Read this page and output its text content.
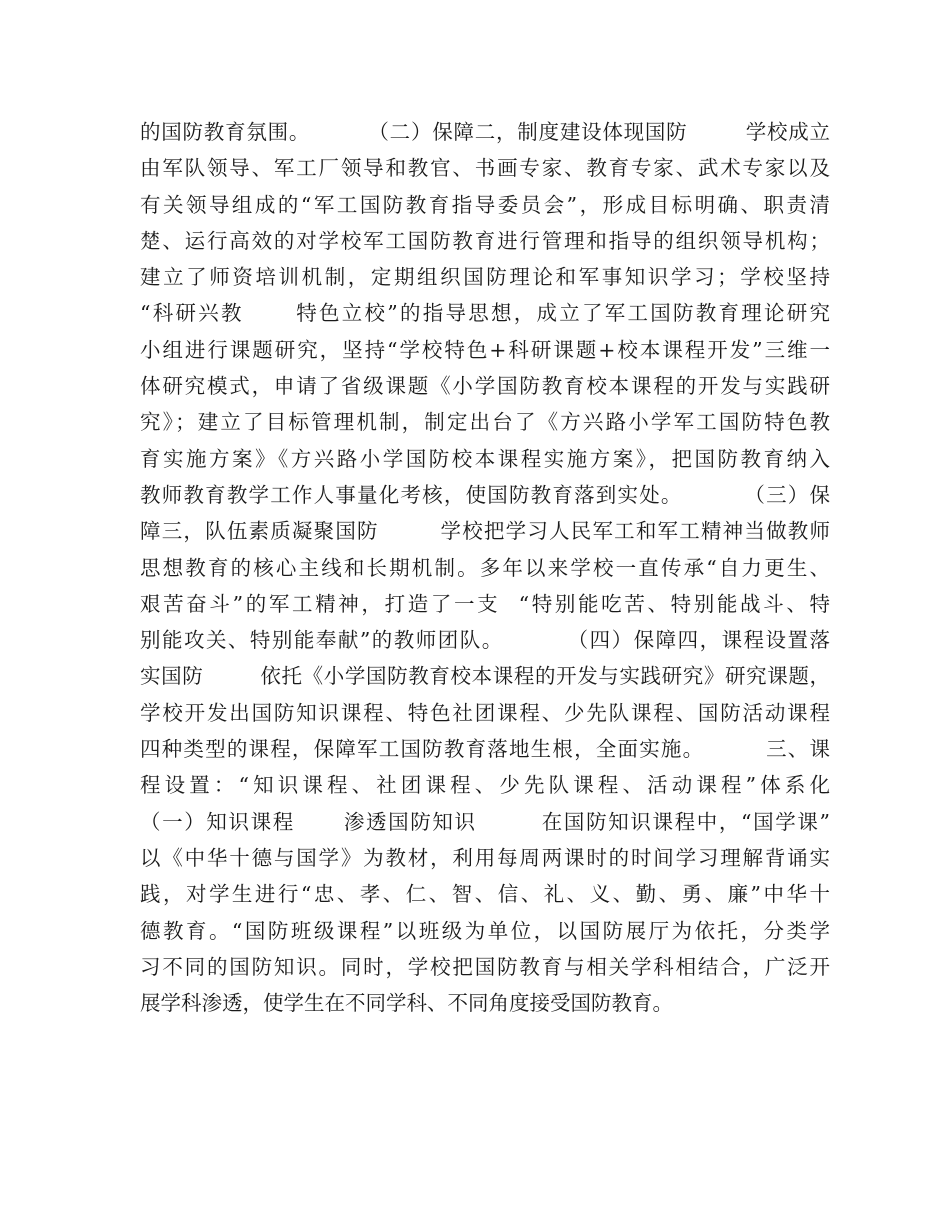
的国防教育氛围。        （二）保障二，制度建设体现国防        学校成立
由军队领导、军工厂领导和教官、书画专家、教育专家、武术专家以及
有关领导组成的“军工国防教育指导委员会”，形成目标明确、职责清
楚、运行高效的对学校军工国防教育进行管理和指导的组织领导机构；
建立了师资培训机制，定期组织国防理论和军事知识学习；学校坚持
“科研兴教      特色立校”的指导思想，成立了军工国防教育理论研究
小组进行课题研究，坚持“学校特色+科研课题+校本课程开发”三维一
体研究模式，申请了省级课题《小学国防教育校本课程的开发与实践研
究》；建立了目标管理机制，制定出台了《方兴路小学军工国防特色教
育实施方案》《方兴路小学国防校本课程实施方案》，把国防教育纳入
教师教育教学工作人事量化考核，使国防教育落到实处。        （三）保
障三，队伍素质凝聚国防        学校把学习人民军工和军工精神当做教师
思想教育的核心主线和长期机制。多年以来学校一直传承“自力更生、
艰苦奋斗”的军工精神，打造了一支  “特别能吃苦、特别能战斗、特
别能攻关、特别能奉献”的教师团队。        （四）保障四，课程设置落
实国防        依托《小学国防教育校本课程的开发与实践研究》研究课题，
学校开发出国防知识课程、特色社团课程、少先队课程、国防活动课程
四种类型的课程，保障军工国防教育落地生根，全面实施。        三、课
程设置：“知识课程、社团课程、少先队课程、活动课程”体系化
（一）知识课程      渗透国防知识        在国防知识课程中，“国学课”
以《中华十德与国学》为教材，利用每周两课时的时间学习理解背诵实
践，对学生进行“忠、孝、仁、智、信、礼、义、勤、勇、廉”中华十
德教育。“国防班级课程”以班级为单位，以国防展厅为依托，分类学
习不同的国防知识。同时，学校把国防教育与相关学科相结合，广泛开
展学科渗透，使学生在不同学科、不同角度接受国防教育。
